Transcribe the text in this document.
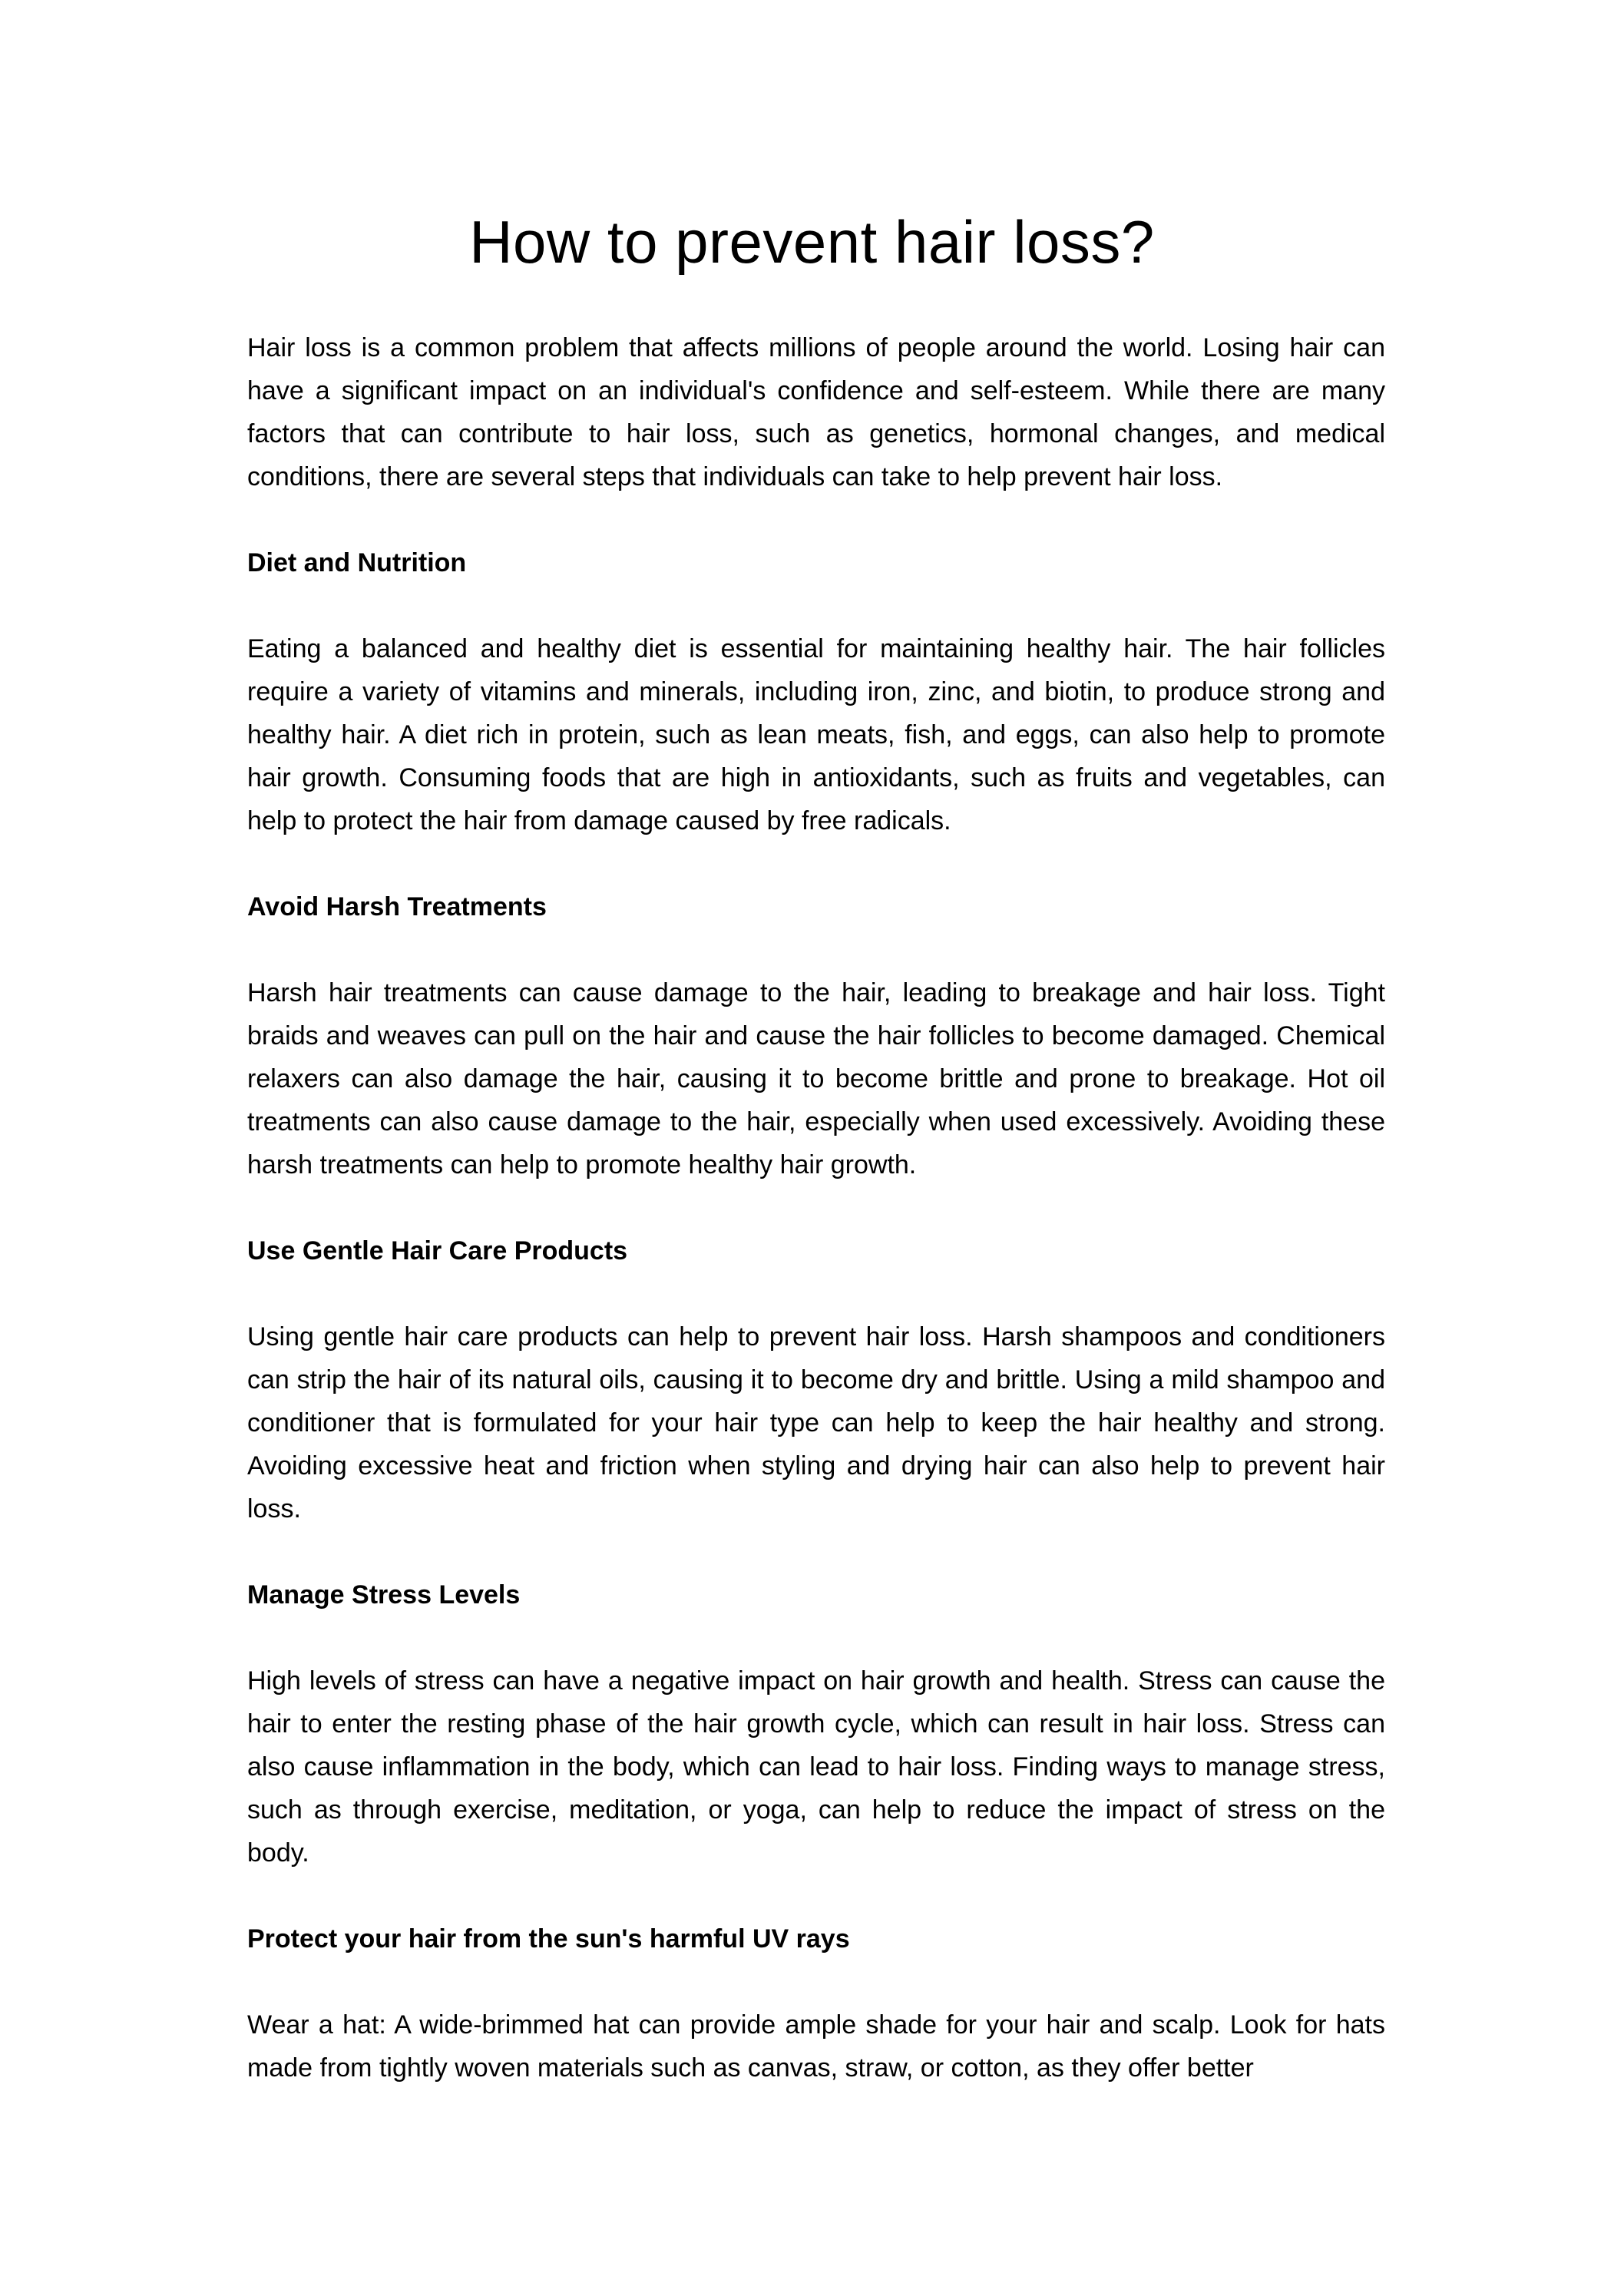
How to prevent hair loss?

Hair loss is a common problem that affects millions of people around the world. Losing hair can have a significant impact on an individual's confidence and self-esteem. While there are many factors that can contribute to hair loss, such as genetics, hormonal changes, and medical conditions, there are several steps that individuals can take to help prevent hair loss.

Diet and Nutrition

Eating a balanced and healthy diet is essential for maintaining healthy hair. The hair follicles require a variety of vitamins and minerals, including iron, zinc, and biotin, to produce strong and healthy hair. A diet rich in protein, such as lean meats, fish, and eggs, can also help to promote hair growth. Consuming foods that are high in antioxidants, such as fruits and vegetables, can help to protect the hair from damage caused by free radicals.

Avoid Harsh Treatments

Harsh hair treatments can cause damage to the hair, leading to breakage and hair loss. Tight braids and weaves can pull on the hair and cause the hair follicles to become damaged. Chemical relaxers can also damage the hair, causing it to become brittle and prone to breakage. Hot oil treatments can also cause damage to the hair, especially when used excessively. Avoiding these harsh treatments can help to promote healthy hair growth.

Use Gentle Hair Care Products

Using gentle hair care products can help to prevent hair loss. Harsh shampoos and conditioners can strip the hair of its natural oils, causing it to become dry and brittle. Using a mild shampoo and conditioner that is formulated for your hair type can help to keep the hair healthy and strong. Avoiding excessive heat and friction when styling and drying hair can also help to prevent hair loss.

Manage Stress Levels

High levels of stress can have a negative impact on hair growth and health. Stress can cause the hair to enter the resting phase of the hair growth cycle, which can result in hair loss. Stress can also cause inflammation in the body, which can lead to hair loss. Finding ways to manage stress, such as through exercise, meditation, or yoga, can help to reduce the impact of stress on the body.

Protect your hair from the sun's harmful UV rays

Wear a hat: A wide-brimmed hat can provide ample shade for your hair and scalp. Look for hats made from tightly woven materials such as canvas, straw, or cotton, as they offer better
